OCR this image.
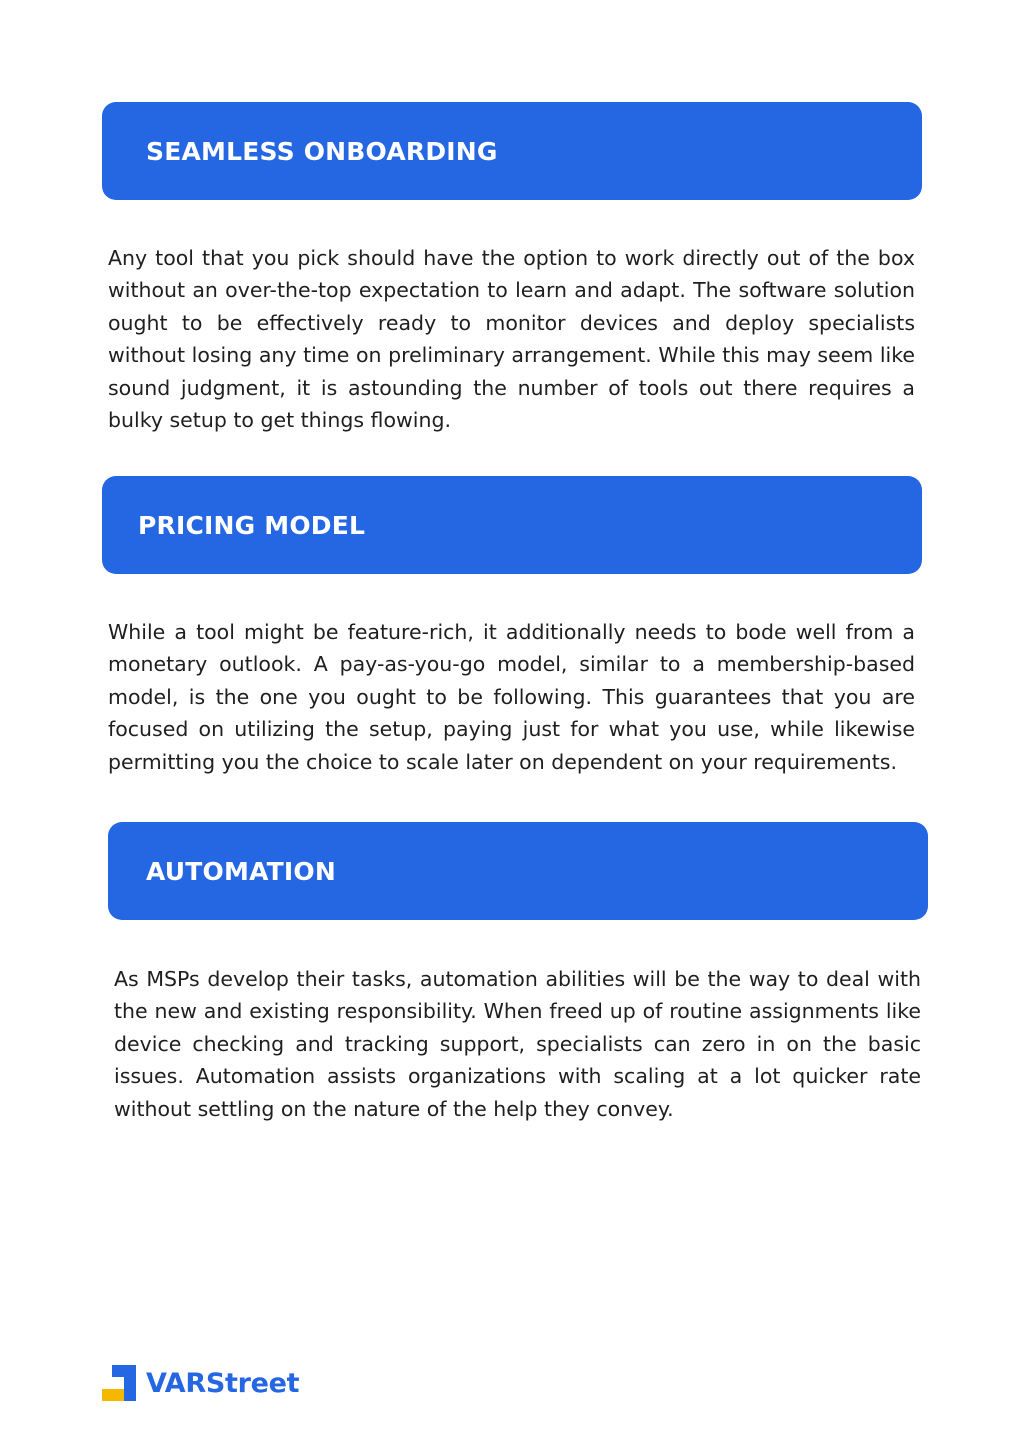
SEAMLESS ONBOARDING

Any tool that you pick should have the option to work directly out of the box without an over-the-top expectation to learn and adapt. The software solution ought to be effectively ready to monitor devices and deploy specialists without losing any time on preliminary arrangement. While this may seem like sound judgment, it is astounding the number of tools out there requires a bulky setup to get things flowing.

PRICING MODEL

While a tool might be feature-rich, it additionally needs to bode well from a monetary outlook. A pay-as-you-go model, similar to a membership-based model, is the one you ought to be following. This guarantees that you are focused on utilizing the setup, paying just for what you use, while likewise permitting you the choice to scale later on dependent on your requirements.

AUTOMATION

As MSPs develop their tasks, automation abilities will be the way to deal with the new and existing responsibility. When freed up of routine assignments like device checking and tracking support, specialists can zero in on the basic issues. Automation assists organizations with scaling at a lot quicker rate without settling on the nature of the help they convey.

VARStreet
